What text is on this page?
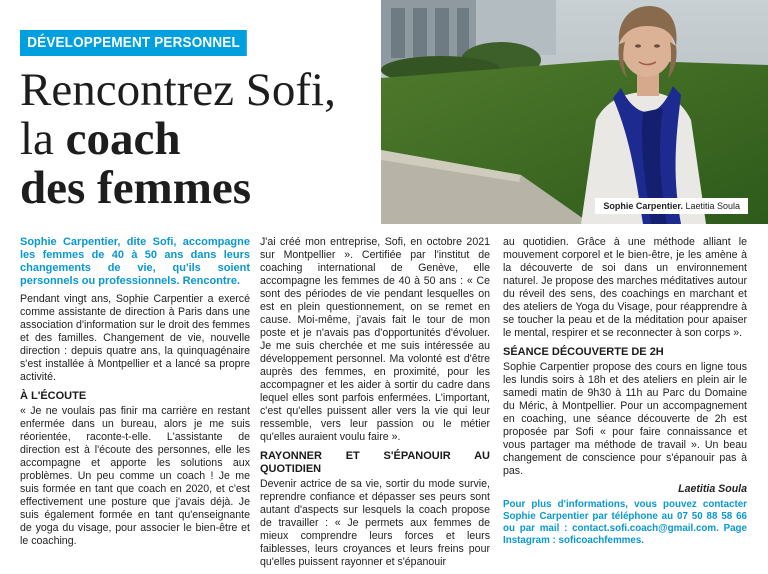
DÉVELOPPEMENT PERSONNEL
Rencontrez Sofi,
la coach
des femmes	Sophie Carpentier. Laetitia Soula

Sophie Carpentier, dite Sofi, accompagne les femmes de 40 à 50 ans dans leurs changements de vie, qu'ils soient personnels ou professionnels. Rencontre.

Pendant vingt ans, Sophie Carpentier a exercé comme assistante de direction à Paris dans une association d'information sur le droit des femmes et des familles. Changement de vie, nouvelle direction : depuis quatre ans, la quinquagénaire s'est installée à Montpellier et a lancé sa propre activité.

À L'ÉCOUTE

« Je ne voulais pas finir ma carrière en restant enfermée dans un bureau, alors je me suis réorientée, raconte-t-elle. L'assistante de direction est à l'écoute des personnes, elle les accompagne et apporte les solutions aux problèmes. Un peu comme un coach ! Je me suis formée en tant que coach en 2020, et c'est effectivement une posture que j'avais déjà. Je suis également formée en tant qu'enseignante de yoga du visage, pour associer le bien-être et le coaching.

J'ai créé mon entreprise, Sofi, en octobre 2021 sur Montpellier ». Certifiée par l'institut de coaching international de Genève, elle accompagne les femmes de 40 à 50 ans : « Ce sont des périodes de vie pendant lesquelles on est en plein questionnement, on se remet en cause. Moi-même, j'avais fait le tour de mon poste et je n'avais pas d'opportunités d'évoluer. Je me suis cherchée et me suis intéressée au développement personnel. Ma volonté est d'être auprès des femmes, en proximité, pour les accompagner et les aider à sortir du cadre dans lequel elles sont parfois enfermées. L'important, c'est qu'elles puissent aller vers la vie qui leur ressemble, vers leur passion ou le métier qu'elles auraient voulu faire ».

RAYONNER ET S'ÉPANOUIR AU QUOTIDIEN

Devenir actrice de sa vie, sortir du mode survie, reprendre confiance et dépasser ses peurs sont autant d'aspects sur lesquels la coach propose de travailler : « Je permets aux femmes de mieux comprendre leurs forces et leurs faiblesses, leurs croyances et leurs freins pour qu'elles puissent rayonner et s'épanouir

au quotidien. Grâce à une méthode alliant le mouvement corporel et le bien-être, je les amène à la découverte de soi dans un environnement naturel. Je propose des marches méditatives autour du réveil des sens, des coachings en marchant et des ateliers de Yoga du Visage, pour réapprendre à se toucher la peau et de la méditation pour apaiser le mental, respirer et se reconnecter à son corps ».

SÉANCE DÉCOUVERTE DE 2H

Sophie Carpentier propose des cours en ligne tous les lundis soirs à 18h et des ateliers en plein air le samedi matin de 9h30 à 11h au Parc du Domaine du Méric, à Montpellier. Pour un accompagnement en coaching, une séance découverte de 2h est proposée par Sofi « pour faire connaissance et vous partager ma méthode de travail ». Un beau changement de conscience pour s'épanouir pas à pas.

Laetitia Soula

Pour plus d'informations, vous pouvez contacter Sophie Carpentier par téléphone au 07 50 88 58 66 ou par mail : contact.sofi.coach@gmail.com. Page Instagram : soficoachfemmes.
